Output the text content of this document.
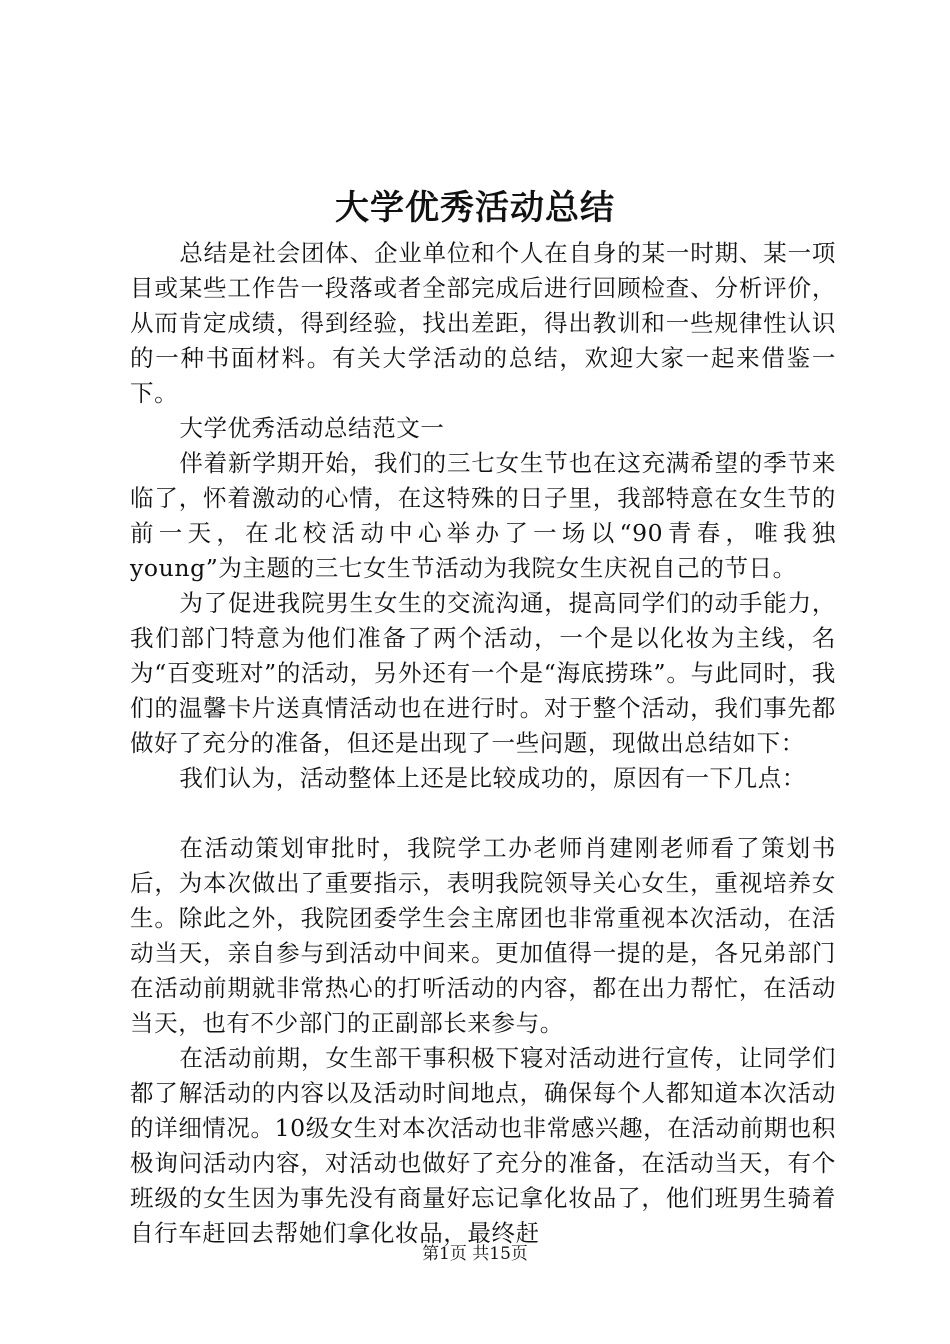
大学优秀活动总结

总结是社会团体、企业单位和个人在自身的某一时期、某一项目或某些工作告一段落或者全部完成后进行回顾检查、分析评价，从而肯定成绩，得到经验，找出差距，得出教训和一些规律性认识的一种书面材料。有关大学活动的总结，欢迎大家一起来借鉴一下。

大学优秀活动总结范文一

伴着新学期开始，我们的三七女生节也在这充满希望的季节来临了，怀着激动的心情，在这特殊的日子里，我部特意在女生节的前一天，在北校活动中心举办了一场以“90青春，唯我独young”为主题的三七女生节活动为我院女生庆祝自己的节日。

为了促进我院男生女生的交流沟通，提高同学们的动手能力，我们部门特意为他们准备了两个活动，一个是以化妆为主线，名为“百变班对”的活动，另外还有一个是“海底捞珠”。与此同时，我们的温馨卡片送真情活动也在进行时。对于整个活动，我们事先都做好了充分的准备，但还是出现了一些问题，现做出总结如下：

我们认为，活动整体上还是比较成功的，原因有一下几点：

在活动策划审批时，我院学工办老师肖建刚老师看了策划书后，为本次做出了重要指示，表明我院领导关心女生，重视培养女生。除此之外，我院团委学生会主席团也非常重视本次活动，在活动当天，亲自参与到活动中间来。更加值得一提的是，各兄弟部门在活动前期就非常热心的打听活动的内容，都在出力帮忙，在活动当天，也有不少部门的正副部长来参与。

在活动前期，女生部干事积极下寝对活动进行宣传，让同学们都了解活动的内容以及活动时间地点，确保每个人都知道本次活动的详细情况。10级女生对本次活动也非常感兴趣，在活动前期也积极询问活动内容，对活动也做好了充分的准备，在活动当天，有个班级的女生因为事先没有商量好忘记拿化妆品了，他们班男生骑着自行车赶回去帮她们拿化妆品，最终赶

第1页 共15页
